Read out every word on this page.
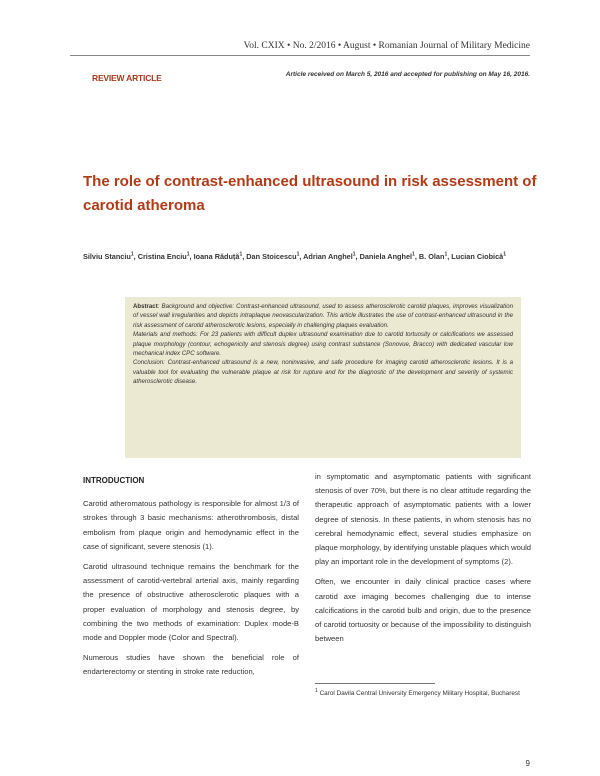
Vol. CXIX • No. 2/2016 • August • Romanian Journal of Military Medicine
REVIEW ARTICLE	Article received on March 5, 2016 and accepted for publishing on May 16, 2016.
The role of contrast-enhanced ultrasound in risk assessment of carotid atheroma
Silviu Stanciu$^1$, Cristina Enciu$^1$, Ioana Răduță$^1$, Dan Stoicescu$^1$, Adrian Anghel$^1$, Daniela Anghel$^1$, B. Olan$^1$, Lucian Ciobică$^1$

Abstract: Background and objective: Contrast-enhanced ultrasound, used to assess atherosclerotic carotid plaques, improves visualization of vessel wall irregularities and depicts intraplaque neovascularization. This article illustrates the use of contrast-enhanced ultrasound in the risk assessment of carotid atherosclerotic lesions, especially in challenging plaques evaluation.

Materials and methods: For 23 patients with difficult duplex ultrasound examination due to carotid tortuosity or calcifications we assessed plaque morphology (contour, echogenicity and stenosis degree) using contrast substance (Sonovue, Bracco) with dedicated vascular low mechanical index CPC software.

Conclusion: Contrast-enhanced ultrasound is a new, noninvasive, and safe procedure for imaging carotid atherosclerotic lesions. It is a valuable tool for evaluating the vulnerable plaque at risk for rupture and for the diagnostic of the development and severity of systemic atherosclerotic disease.

INTRODUCTION

Carotid atheromatous pathology is responsible for almost 1/3 of strokes through 3 basic mechanisms: atherothrombosis, distal embolism from plaque origin and hemodynamic effect in the case of significant, severe stenosis (1).

Carotid ultrasound technique remains the benchmark for the assessment of carotid-vertebral arterial axis, mainly regarding the presence of obstructive atherosclerotic plaques with a proper evaluation of morphology and stenosis degree, by combining the two methods of examination: Duplex mode-B mode and Doppler mode (Color and Spectral).

Numerous studies have shown the beneficial role of endarterectomy or stenting in stroke rate reduction,

in symptomatic and asymptomatic patients with significant stenosis of over 70%, but there is no clear attitude regarding the therapeutic approach of asymptomatic patients with a lower degree of stenosis. In these patients, in whom stenosis has no cerebral hemodynamic effect, several studies emphasize on plaque morphology, by identifying unstable plaques which would play an important role in the development of symptoms (2).

Often, we encounter in daily clinical practice cases where carotid axe imaging becomes challenging due to intense calcifications in the carotid bulb and origin, due to the presence of carotid tortuosity or because of the impossibility to distinguish between

$^1$ Carol Davila Central University Emergency Military Hospital, Bucharest
9
